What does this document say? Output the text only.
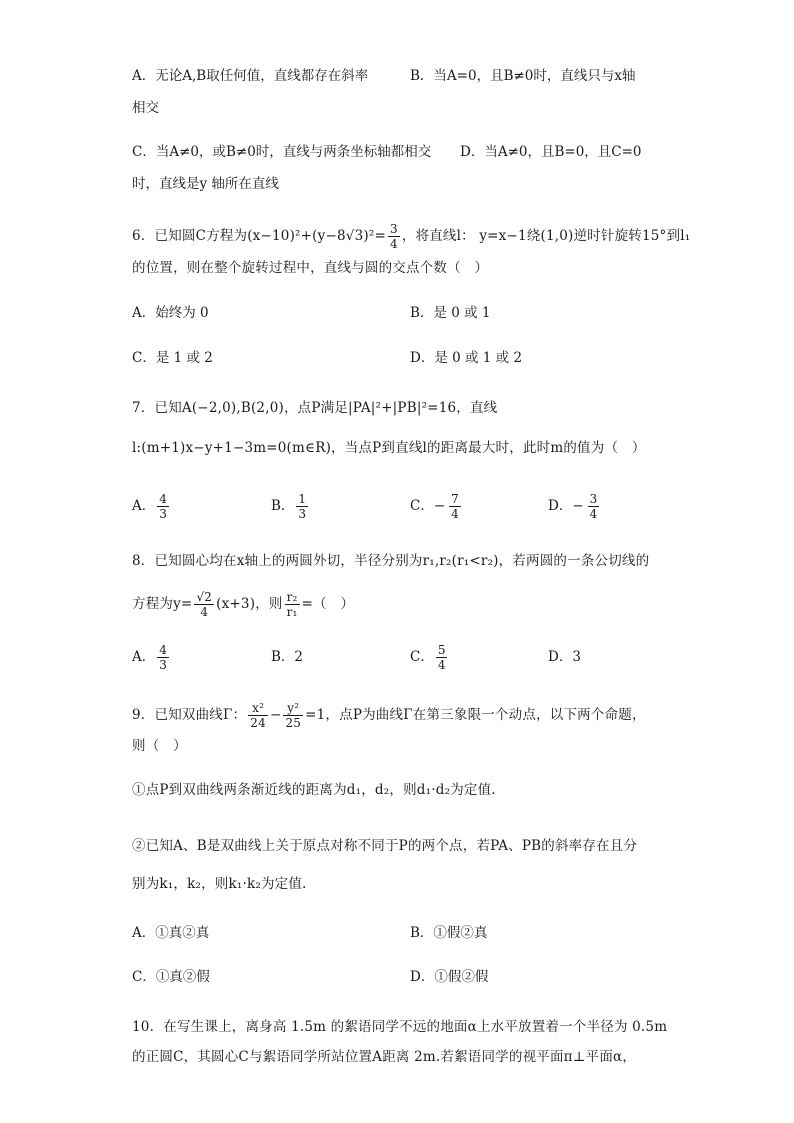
A．无论A,B取任何值，直线都存在斜率	B．当A=0，且B≠0时，直线只与x轴
相交
C．当A≠0，或B≠0时，直线与两条坐标轴都相交 D．当A≠0，且B=0，且C=0
时，直线是y 轴所在直线
6．已知圆C方程为$(x-10)^2+(y-8√3)^2= \frac{3}{4}$ ，将直线l： y=x−1绕(1,0)逆时针旋转15°到l₁
的位置，则在整个旋转过程中，直线与圆的交点个数（　）
A．始终为 0	B．是 0 或 1
C．是 1 或 2	D．是 0 或 1 或 2
7．已知A(−2,0),B(2,0)，点P满足|PA|²+|PB|²=16，直线
l:(m+1)x−y+1−3m=0(m∈R)，当点P到直线l的距离最大时，此时m的值为（　）
A． $\frac{4}{3}$	B． $\frac{1}{3}$	C．− $\frac{7}{4}$	D．− $\frac{3}{4}$
8．已知圆心均在x轴上的两圆外切，半径分别为r₁,r₂(r₁<r₂)，若两圆的一条公切线的
方程为$y= \frac{√2}{4} (x+3)$，则 $\frac{\text{r₂}}{\text{r₁}}$ =（　）
A． $\frac{4}{3}$	B．2	C． $\frac{5}{4}$	D．3
9．已知双曲线Γ： $\frac{\text{x²}}{24} - \frac{\text{y²}}{25} =1$，点P为曲线Γ在第三象限一个动点，以下两个命题，
则（　）
①点P到双曲线两条渐近线的距离为d₁，d₂，则d₁·d₂为定值.
②已知A、B是双曲线上关于原点对称不同于P的两个点，若PA、PB的斜率存在且分
别为k₁，k₂，则k₁·k₂为定值.
A．①真②真	B．①假②真
C．①真②假	D．①假②假
10．在写生课上，离身高 1.5m 的絮语同学不远的地面α上水平放置着一个半径为 0.5m
的正圆C，其圆心C与絮语同学所站位置A距离 2m.若絮语同学的视平面π⊥平面α，
